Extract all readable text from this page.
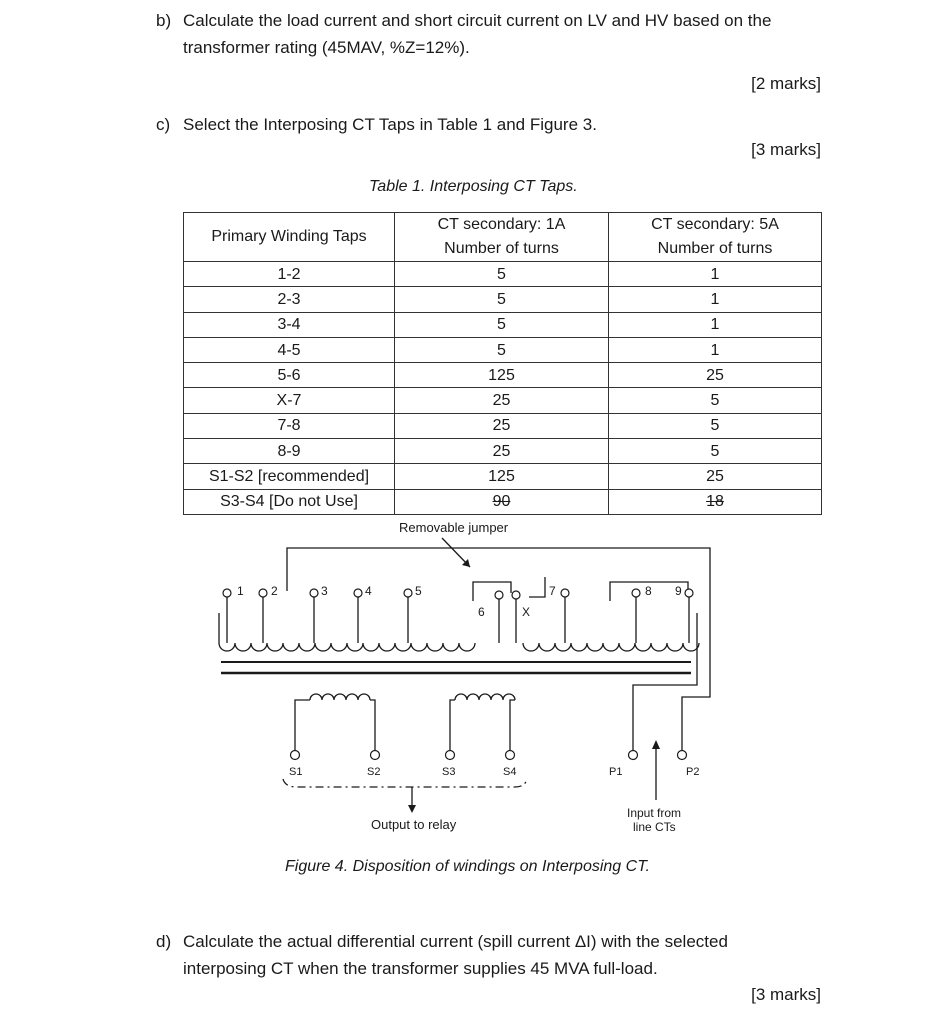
b) Calculate the load current and short circuit current on LV and HV based on the
transformer rating (45MAV, %Z=12%).
[2 marks]
c) Select the Interposing CT Taps in Table 1 and Figure 3.
[3 marks]
Table 1. Interposing CT Taps.
Primary Winding Taps	CT secondary: 1A	CT secondary: 5A
	Number of turns	Number of turns
1-2	5	1
2-3	5	1
3-4	5	1
4-5	5	1
5-6	125	25
X-7	25	5
7-8	25	5
8-9	25	5
S1-S2 [recommended]	125	25
S3-S4 [Do not Use]	90	18
1 2	3	4	5
6	X
7	8 9
S1	S2	S3	S4	P1	P2
Removable jumper
Output to relay
Input from
line CTs
Figure 4. Disposition of windings on Interposing CT.
d) Calculate the actual differential current (spill current ΔI) with the selected
interposing CT when the transformer supplies 45 MVA full-load.
[3 marks]
